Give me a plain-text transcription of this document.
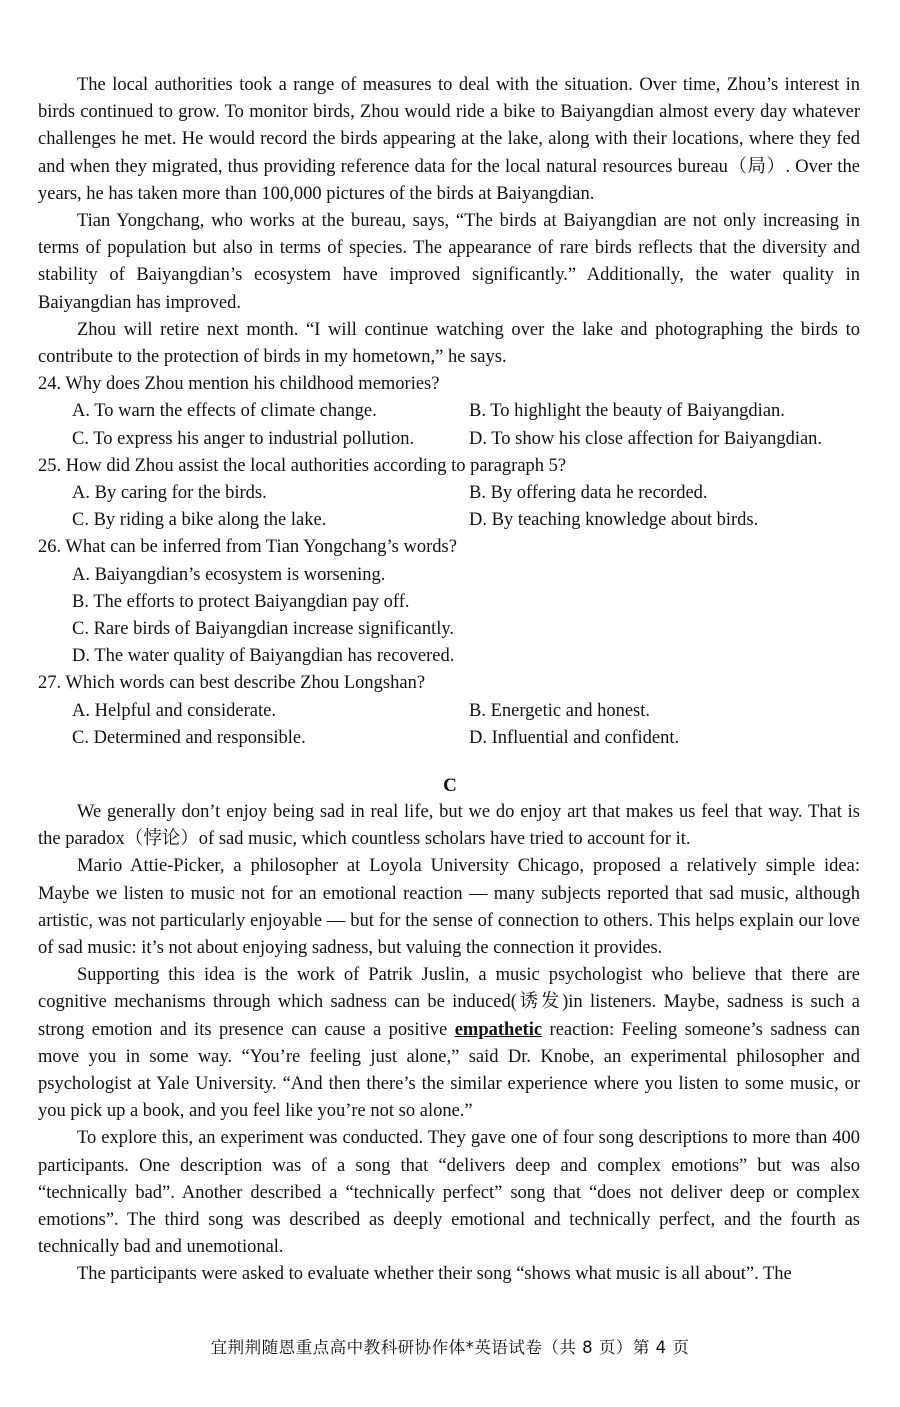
The local authorities took a range of measures to deal with the situation. Over time, Zhou’s interest in birds continued to grow. To monitor birds, Zhou would ride a bike to Baiyangdian almost every day whatever challenges he met. He would record the birds appearing at the lake, along with their locations, where they fed and when they migrated, thus providing reference data for the local natural resources bureau（局）. Over the years, he has taken more than 100,000 pictures of the birds at Baiyangdian.

Tian Yongchang, who works at the bureau, says, “The birds at Baiyangdian are not only increasing in terms of population but also in terms of species. The appearance of rare birds reflects that the diversity and stability of Baiyangdian’s ecosystem have improved significantly.” Additionally, the water quality in Baiyangdian has improved.

Zhou will retire next month. “I will continue watching over the lake and photographing the birds to contribute to the protection of birds in my hometown,” he says.

24. Why does Zhou mention his childhood memories?
A. To warn the effects of climate change.	B. To highlight the beauty of Baiyangdian.
C. To express his anger to industrial pollution.	D. To show his close affection for Baiyangdian.
25. How did Zhou assist the local authorities according to paragraph 5?
A. By caring for the birds.	B. By offering data he recorded.
C. By riding a bike along the lake.	D. By teaching knowledge about birds.
26. What can be inferred from Tian Yongchang’s words?
A. Baiyangdian’s ecosystem is worsening.
B. The efforts to protect Baiyangdian pay off.
C. Rare birds of Baiyangdian increase significantly.
D. The water quality of Baiyangdian has recovered.
27. Which words can best describe Zhou Longshan?
A. Helpful and considerate.	B. Energetic and honest.
C. Determined and responsible.	D. Influential and confident.
C

We generally don’t enjoy being sad in real life, but we do enjoy art that makes us feel that way. That is the paradox（悖论）of sad music, which countless scholars have tried to account for it.

Mario Attie-Picker, a philosopher at Loyola University Chicago, proposed a relatively simple idea: Maybe we listen to music not for an emotional reaction — many subjects reported that sad music, although artistic, was not particularly enjoyable — but for the sense of connection to others. This helps explain our love of sad music: it’s not about enjoying sadness, but valuing the connection it provides.

Supporting this idea is the work of Patrik Juslin, a music psychologist who believe that there are cognitive mechanisms through which sadness can be induced(诱发)in listeners. Maybe, sadness is such a strong emotion and its presence can cause a positive empathetic reaction: Feeling someone’s sadness can move you in some way. “You’re feeling just alone,” said Dr. Knobe, an experimental philosopher and psychologist at Yale University. “And then there’s the similar experience where you listen to some music, or you pick up a book, and you feel like you’re not so alone.”

To explore this, an experiment was conducted. They gave one of four song descriptions to more than 400 participants. One description was of a song that “delivers deep and complex emotions” but was also “technically bad”. Another described a “technically perfect” song that “does not deliver deep or complex emotions”. The third song was described as deeply emotional and technically perfect, and the fourth as technically bad and unemotional.

The participants were asked to evaluate whether their song “shows what music is all about”. The

宜荆荆随恩重点高中教科研协作体*英语试卷（共 8 页）第 4 页
